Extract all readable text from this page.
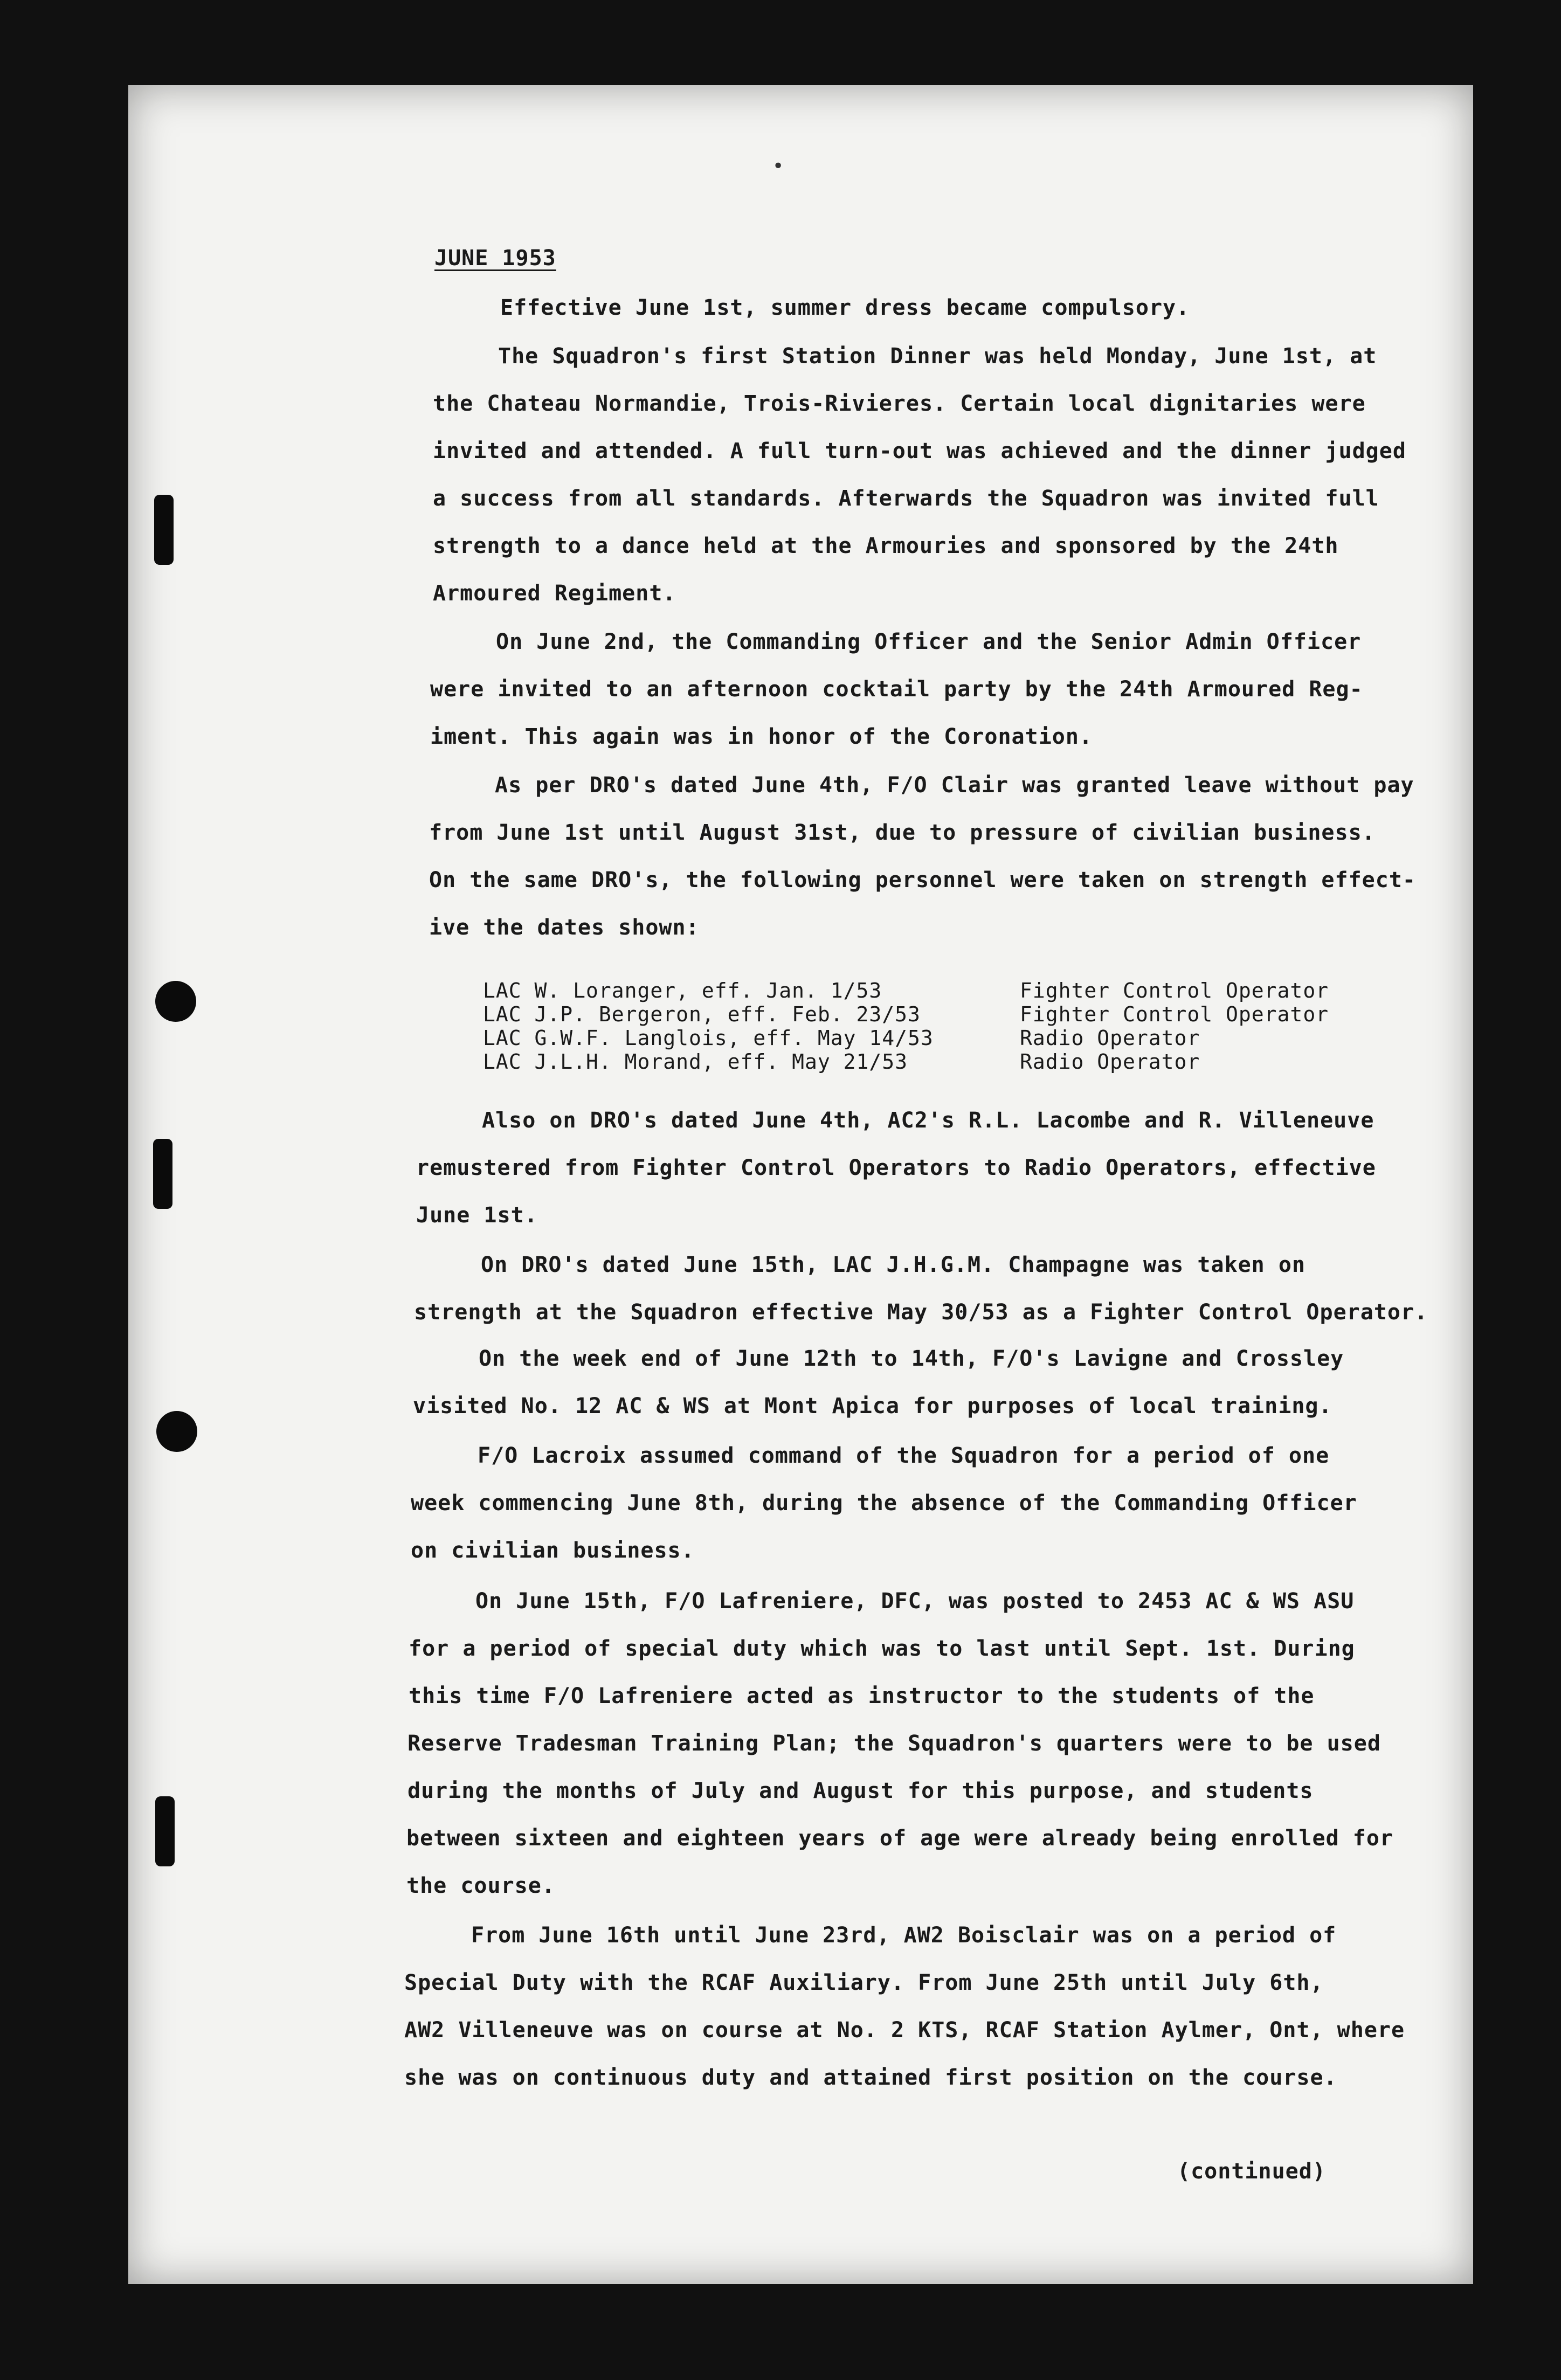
•
JUNE 1953
Effective June 1st, summer dress became compulsory.
The Squadron's first Station Dinner was held Monday, June 1st, at
the Chateau Normandie, Trois-Rivieres. Certain local dignitaries were
invited and attended. A full turn-out was achieved and the dinner judged
a success from all standards. Afterwards the Squadron was invited full
strength to a dance held at the Armouries and sponsored by the 24th
Armoured Regiment.
On June 2nd, the Commanding Officer and the Senior Admin Officer
were invited to an afternoon cocktail party by the 24th Armoured Reg-
iment. This again was in honor of the Coronation.
As per DRO's dated June 4th, F/O Clair was granted leave without pay
from June 1st until August 31st, due to pressure of civilian business.
On the same DRO's, the following personnel were taken on strength effect-
ive the dates shown:
LAC W. Loranger, eff. Jan. 1/53	Fighter Control Operator
LAC J.P. Bergeron, eff. Feb. 23/53	Fighter Control Operator
LAC G.W.F. Langlois, eff. May 14/53	Radio Operator
LAC J.L.H. Morand, eff. May 21/53	Radio Operator
Also on DRO's dated June 4th, AC2's R.L. Lacombe and R. Villeneuve
remustered from Fighter Control Operators to Radio Operators, effective
June 1st.
On DRO's dated June 15th, LAC J.H.G.M. Champagne was taken on
strength at the Squadron effective May 30/53 as a Fighter Control Operator.
On the week end of June 12th to 14th, F/O's Lavigne and Crossley
visited No. 12 AC & WS at Mont Apica for purposes of local training.
F/O Lacroix assumed command of the Squadron for a period of one
week commencing June 8th, during the absence of the Commanding Officer
on civilian business.
On June 15th, F/O Lafreniere, DFC, was posted to 2453 AC & WS ASU
for a period of special duty which was to last until Sept. 1st. During
this time F/O Lafreniere acted as instructor to the students of the
Reserve Tradesman Training Plan; the Squadron's quarters were to be used
during the months of July and August for this purpose, and students
between sixteen and eighteen years of age were already being enrolled for
the course.
From June 16th until June 23rd, AW2 Boisclair was on a period of
Special Duty with the RCAF Auxiliary. From June 25th until July 6th,
AW2 Villeneuve was on course at No. 2 KTS, RCAF Station Aylmer, Ont, where
she was on continuous duty and attained first position on the course.
(continued)
